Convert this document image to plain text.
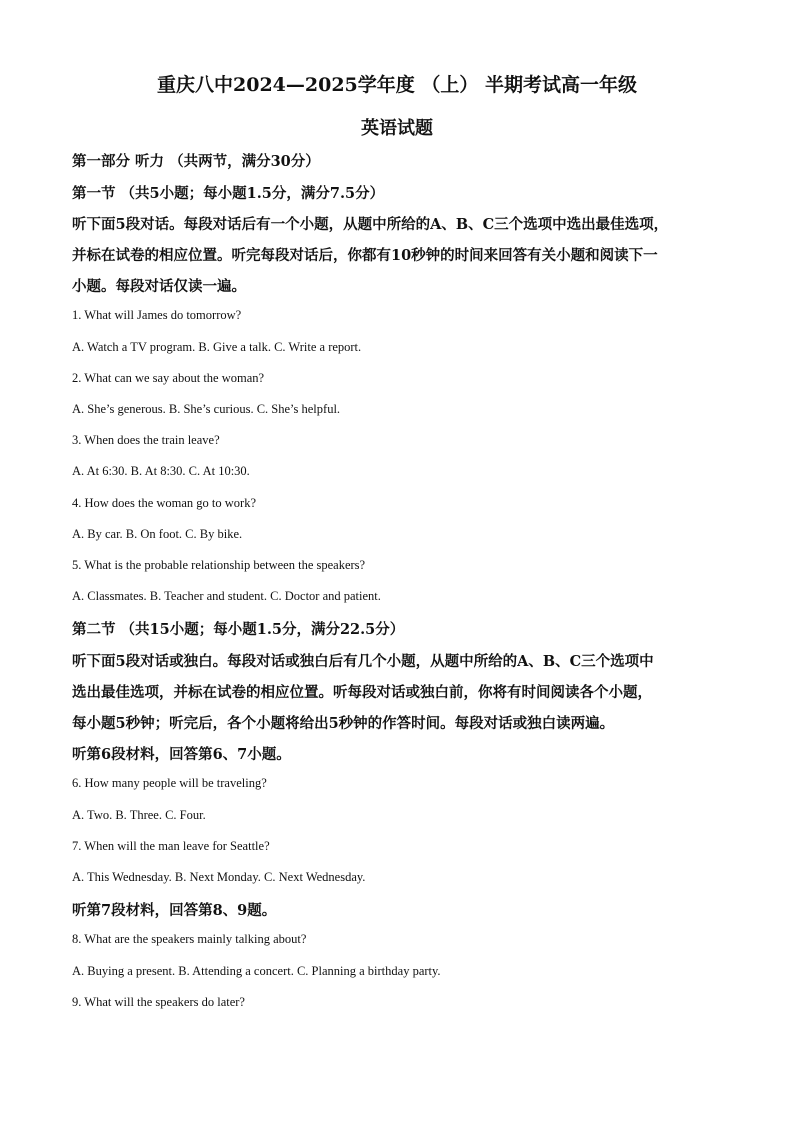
重庆八中2024—2025学年度 （上） 半期考试高一年级
英语试题
第一部分 听力 （共两节，满分30分）
第一节 （共5小题；每小题1.5分，满分7.5分）
听下面5段对话。每段对话后有一个小题，从题中所给的A、B、C三个选项中选出最佳选项，
并标在试卷的相应位置。听完每段对话后，你都有10秒钟的时间来回答有关小题和阅读下一
小题。每段对话仅读一遍。
1. What will James do tomorrow?
A. Watch a TV program. B. Give a talk. C. Write a report.
2. What can we say about the woman?
A. She’s generous. B. She’s curious. C. She’s helpful.
3. When does the train leave?
A. At 6:30. B. At 8:30. C. At 10:30.
4. How does the woman go to work?
A. By car. B. On foot. C. By bike.
5. What is the probable relationship between the speakers?
A. Classmates. B. Teacher and student. C. Doctor and patient.
第二节 （共15小题；每小题1.5分，满分22.5分）
听下面5段对话或独白。每段对话或独白后有几个小题，从题中所给的A、B、C三个选项中
选出最佳选项，并标在试卷的相应位置。听每段对话或独白前，你将有时间阅读各个小题，
每小题5秒钟；听完后，各个小题将给出5秒钟的作答时间。每段对话或独白读两遍。
听第6段材料，回答第6、7小题。
6. How many people will be traveling?
A. Two. B. Three. C. Four.
7. When will the man leave for Seattle?
A. This Wednesday. B. Next Monday. C. Next Wednesday.
听第7段材料，回答第8、9题。
8. What are the speakers mainly talking about?
A. Buying a present. B. Attending a concert. C. Planning a birthday party.
9. What will the speakers do later?
